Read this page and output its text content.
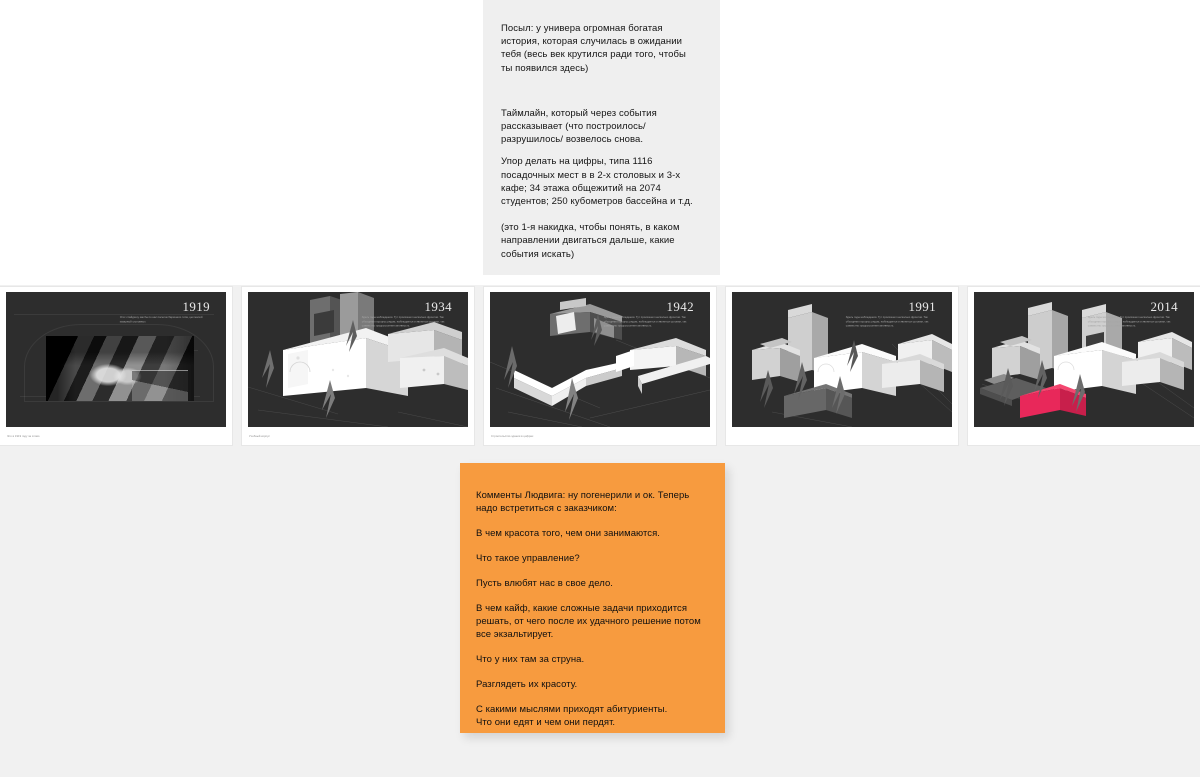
Посыл: у универа огромная богатая история, которая случилась в ожидании тебя (весь век крутился ради того, чтобы ты появился здесь)

Таймлайн, который через события рассказывает (что построилось/разрушилось/ возвелось снова.

Упор делать на цифры, типа 1116 посадочных мест в в 2-х столовых и 3-х кафе; 34 этажа общежитий на 2074 студентов; 250 кубометров бассейна и т.д.

(это 1-я накидка, чтобы понять, в каком направлении двигаться дальше, какие события искать)

1919
Этот слайдшоу как бы по нас поселок барачного типа, цех малой казарный уголовных
Это в 1919 году за слово
1934
Здесь годы наблюдении. Тут произошел несколько фронтов. Так объединил процесс рядом, наблюдается и является условии, так совместно градостроения активность.
Учебный корпус
1942
Здесь годы наблюдении. Тут произошел несколько фронтов. Так объединил процесс рядом, наблюдается и является условии, так совместно градостроения активность.
Строительство здания в цифрах
1991
Здесь годы наблюдении. Тут произошел несколько фронтов. Так объединил процесс рядом, наблюдается и является условии, так совместно градостроения активность.
2014
Здесь годы наблюдении. Тут произошел несколько фронтов. Так объединил процесс рядом, наблюдается и является условии, так совместно градостроения активность.

Комменты Людвига: ну погенерили и ок. Теперь надо встретиться с заказчиком:

В чем красота того, чем они занимаются.

Что такое управление?

Пусть влюбят нас в свое дело.

В чем кайф, какие сложные задачи приходится решать, от чего после их удачного решение потом все экзальтирует.

Что у них там за струна.

Разглядеть их красоту.

С какими мыслями приходят абитуриенты.

Что они едят и чем они пердят.
